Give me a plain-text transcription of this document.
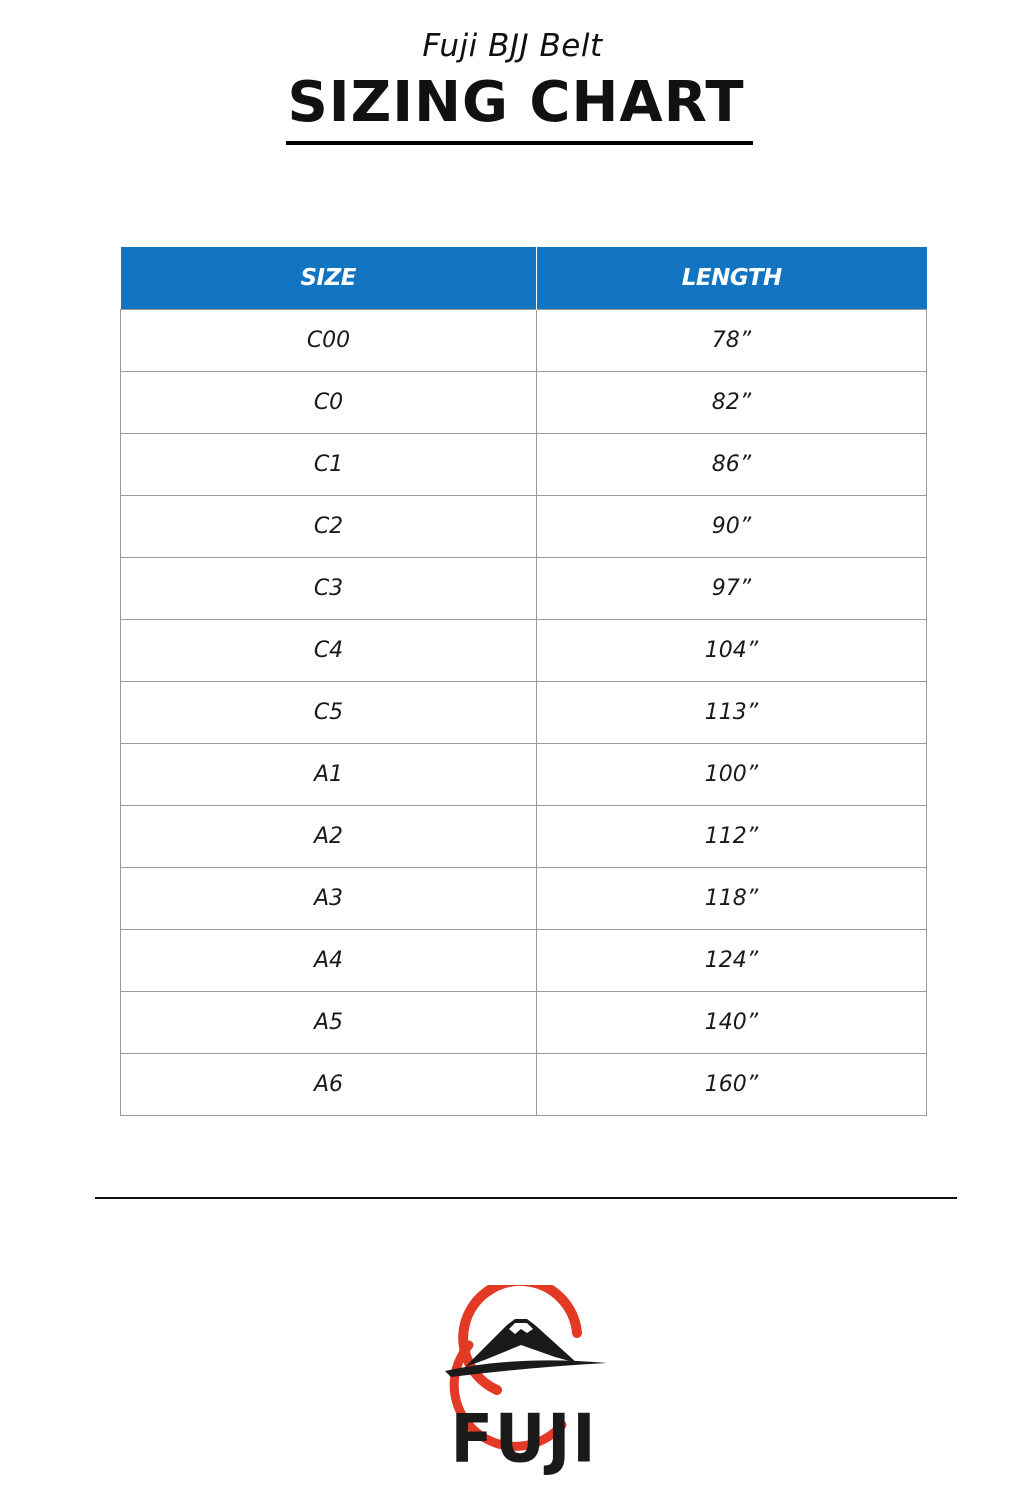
Fuji BJJ Belt
SIZING CHART
SIZE	LENGTH
C00	78”
C0	82”
C1	86”
C2	90”
C3	97”
C4	104”
C5	113”
A1	100”
A2	112”
A3	118”
A4	124”
A5	140”
A6	160”
FUJI
